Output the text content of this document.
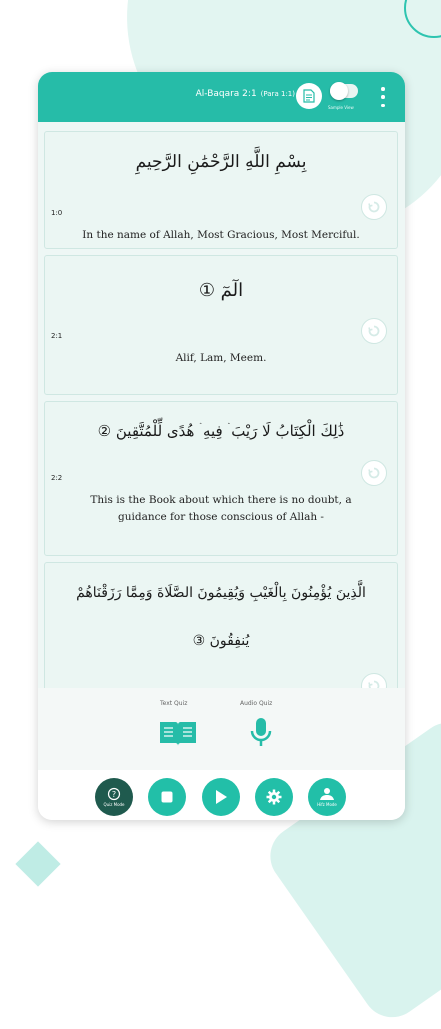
Al-Baqara 2:1 (Para 1:1)
Sample View
بِسْمِ اللَّهِ الرَّحْمَٰنِ الرَّحِيمِ
1:0
In the name of Allah, Most Gracious, Most Merciful.
الٓمٓ ①
2:1
Alif, Lam, Meem.
ذَٰلِكَ الْكِتَابُ لَا رَيْبَ ۛ فِيهِ ۛ هُدًى لِّلْمُتَّقِينَ ②
2:2
This is the Book about which there is no doubt, a guidance for those conscious of Allah -
الَّذِينَ يُؤْمِنُونَ بِالْغَيْبِ وَيُقِيمُونَ الصَّلَاةَ وَمِمَّا رَزَقْنَاهُمْ
يُنفِقُونَ ③
Text Quiz	Audio Quiz
?
Quiz Mode	Hifz Mode
